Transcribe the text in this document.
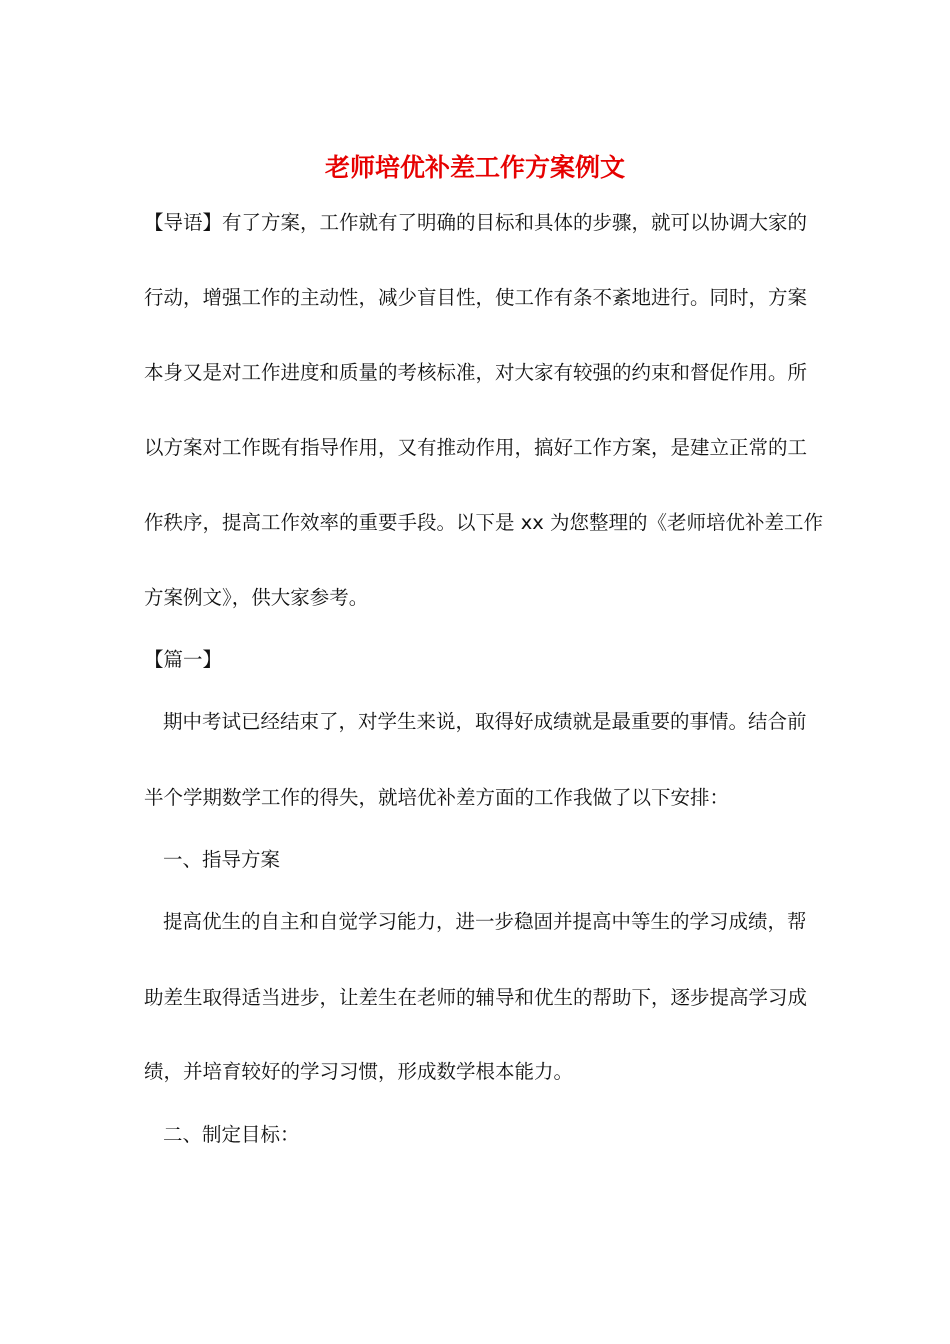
老师培优补差工作方案例文
【导语】有了方案，工作就有了明确的目标和具体的步骤，就可以协调大家的
行动，增强工作的主动性，减少盲目性，使工作有条不紊地进行。同时，方案
本身又是对工作进度和质量的考核标准，对大家有较强的约束和督促作用。所
以方案对工作既有指导作用，又有推动作用，搞好工作方案，是建立正常的工
作秩序，提高工作效率的重要手段。以下是 xx 为您整理的《老师培优补差工作
方案例文》，供大家参考。
【篇一】
期中考试已经结束了，对学生来说，取得好成绩就是最重要的事情。结合前
半个学期数学工作的得失，就培优补差方面的工作我做了以下安排：
一、指导方案
提高优生的自主和自觉学习能力，进一步稳固并提高中等生的学习成绩，帮
助差生取得适当进步，让差生在老师的辅导和优生的帮助下，逐步提高学习成
绩，并培育较好的学习习惯，形成数学根本能力。
二、制定目标：
